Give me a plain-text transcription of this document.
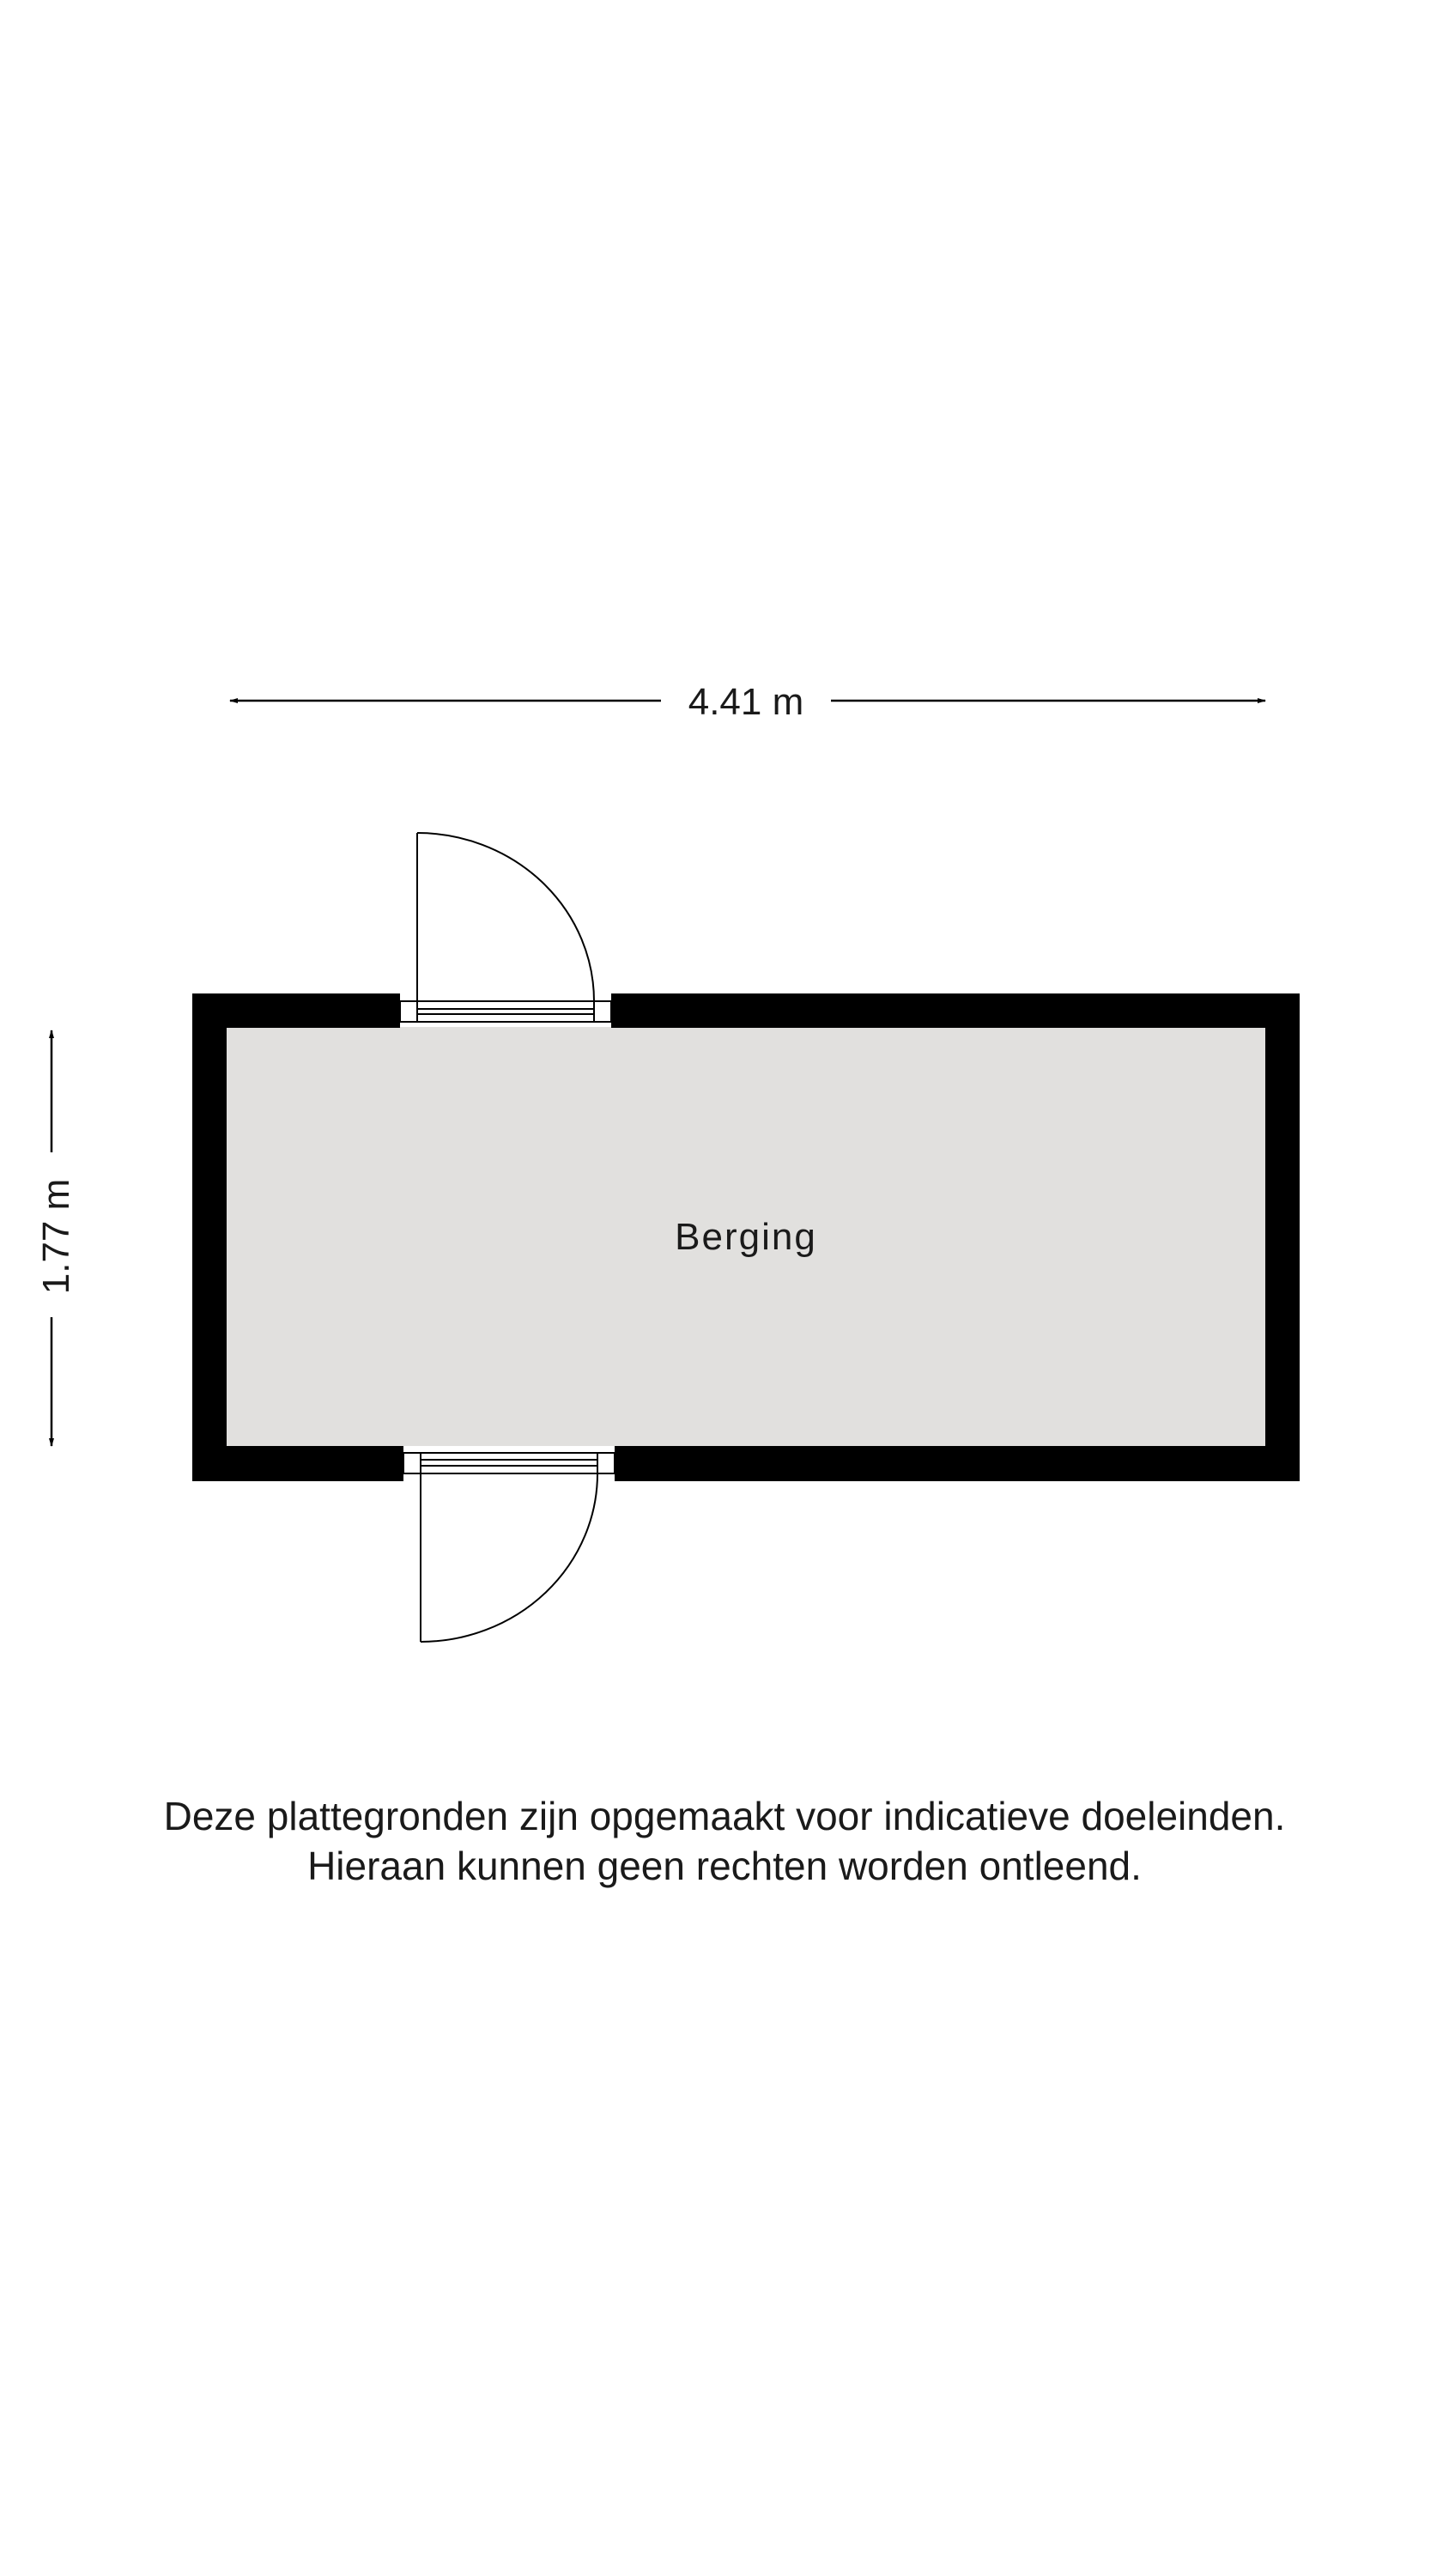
4.41 m
1.77 m	Berging
Deze plattegronden zijn opgemaakt voor indicatieve doeleinden.
Hieraan kunnen geen rechten worden ontleend.
